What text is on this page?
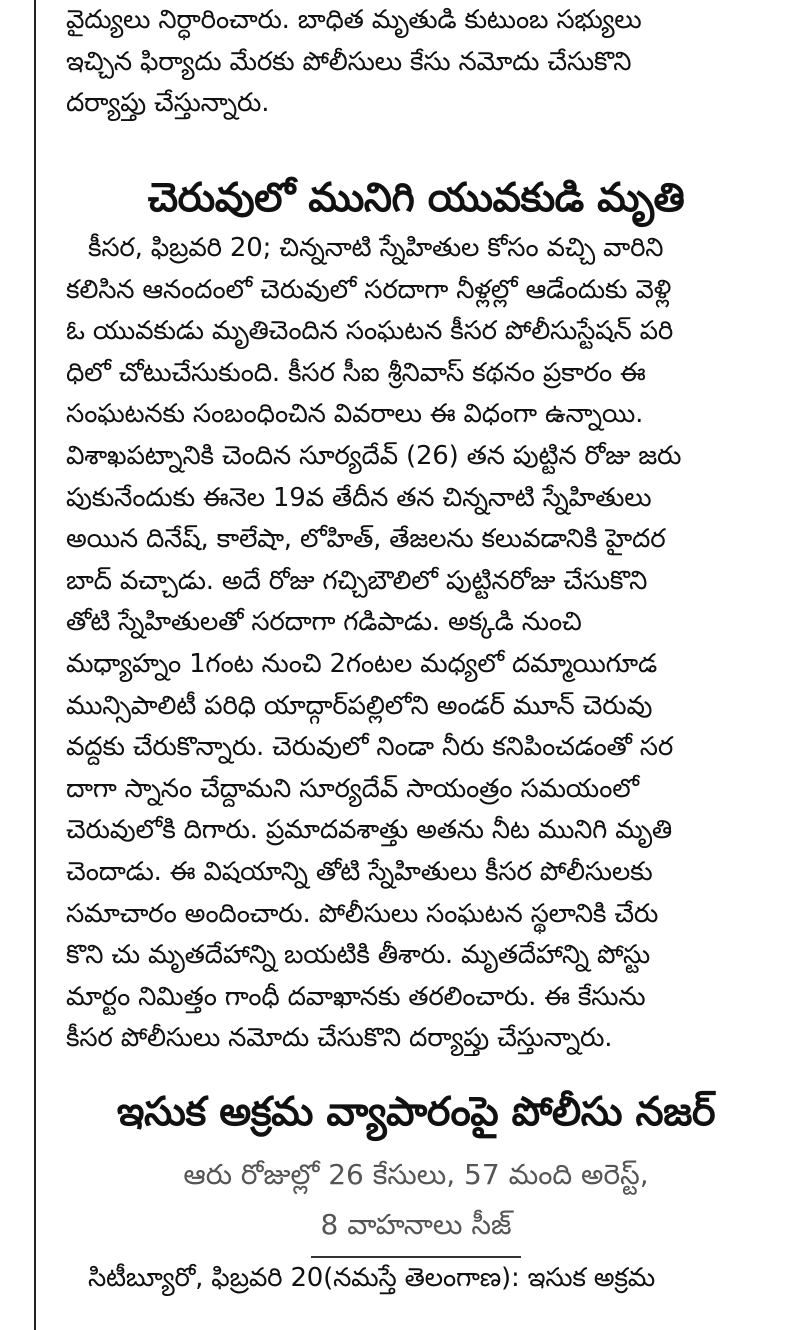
వైద్యులు నిర్ధారించారు. బాధిత మృతుడి కుటుంబ సభ్యులు

ఇచ్చిన ఫిర్యాదు మేరకు పోలీసులు కేసు నమోదు చేసుకొని

దర్యాప్తు చేస్తున్నారు.

చెరువులో మునిగి యువకుడి మృతి

కీసర, ఫిబ్రవరి 20; చిన్ననాటి స్నేహితుల కోసం వచ్చి వారిని

కలిసిన ఆనందంలో చెరువులో సరదాగా నీళ్లల్లో ఆడేందుకు వెళ్లి

ఓ యువకుడు మృతిచెందిన సంఘటన కీసర పోలీసుస్టేషన్ పరి

ధిలో చోటుచేసుకుంది. కీసర సీఐ శ్రీనివాస్ కథనం ప్రకారం ఈ

సంఘటనకు సంబంధించిన వివరాలు ఈ విధంగా ఉన్నాయి.

విశాఖపట్నానికి చెందిన సూర్యదేవ్ (26) తన పుట్టిన రోజు జరు

పుకునేందుకు ఈనెల 19వ తేదీన తన చిన్ననాటి స్నేహితులు

అయిన దినేష్, కాలేషా, లోహిత్, తేజలను కలువడానికి హైదర

బాద్ వచ్చాడు. అదే రోజు గచ్చిబౌలిలో పుట్టినరోజు చేసుకొని

తోటి స్నేహితులతో సరదాగా గడిపాడు. అక్కడి నుంచి

మధ్యాహ్నం 1గంట నుంచి 2గంటల మధ్యలో దమ్మాయిగూడ

మున్సిపాలిటీ పరిధి యాద్గార్‌పల్లిలోని అండర్ మూన్ చెరువు

వద్దకు చేరుకొన్నారు. చెరువులో నిండా నీరు కనిపించడంతో సర

దాగా స్నానం చేద్దామని సూర్యదేవ్ సాయంత్రం సమయంలో

చెరువులోకి దిగారు. ప్రమాదవశాత్తు అతను నీట మునిగి మృతి

చెందాడు. ఈ విషయాన్ని తోటి స్నేహితులు కీసర పోలీసులకు

సమాచారం అందించారు. పోలీసులు సంఘటన స్థలానికి చేరు

కొని చు మృతదేహాన్ని బయటికి తీశారు. మృతదేహాన్ని పోస్టు

మార్టం నిమిత్తం గాంధీ దవాఖానకు తరలించారు. ఈ కేసును

కీసర పోలీసులు నమోదు చేసుకొని దర్యాప్తు చేస్తున్నారు.

ఇసుక అక్రమ వ్యాపారంపై పోలీసు నజర్

ఆరు రోజుల్లో 26 కేసులు, 57 మంది అరెస్ట్,

8 వాహనాలు సీజ్

సిటీబ్యూరో, ఫిబ్రవరి 20(నమస్తే తెలంగాణ): ఇసుక అక్రమ
